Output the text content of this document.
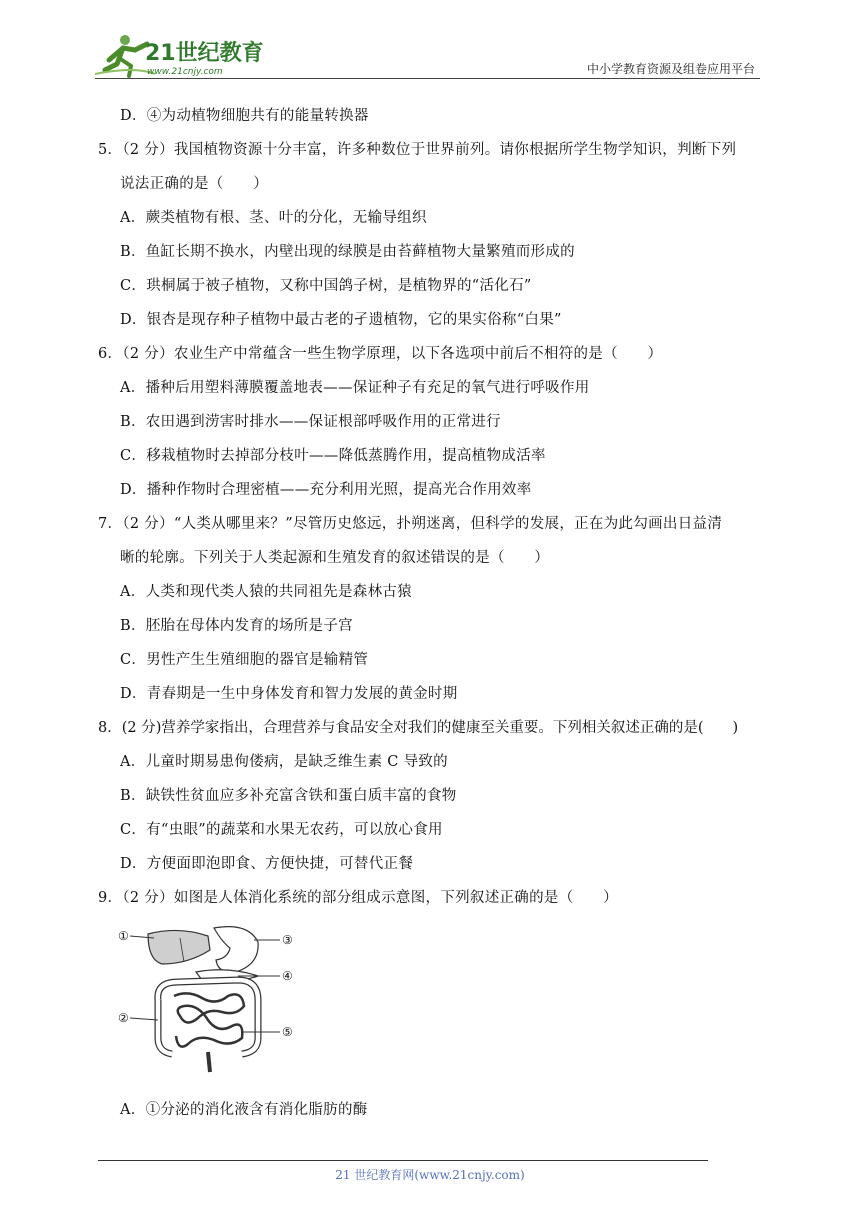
21世纪教育
www.21cnjy.com	中小学教育资源及组卷应用平台
D．④为动植物细胞共有的能量转换器
5．（2 分）我国植物资源十分丰富，许多种数位于世界前列。请你根据所学生物学知识，判断下列
说法正确的是（　　）
A．蕨类植物有根、茎、叶的分化，无输导组织
B．鱼缸长期不换水，内壁出现的绿膜是由苔藓植物大量繁殖而形成的
C．珙桐属于被子植物，又称中国鸽子树，是植物界的“活化石”
D．银杏是现存种子植物中最古老的孑遗植物，它的果实俗称“白果”
6．（2 分）农业生产中常蕴含一些生物学原理，以下各选项中前后不相符的是（　　）
A．播种后用塑料薄膜覆盖地表——保证种子有充足的氧气进行呼吸作用
B．农田遇到涝害时排水——保证根部呼吸作用的正常进行
C．移栽植物时去掉部分枝叶——降低蒸腾作用，提高植物成活率
D．播种作物时合理密植——充分利用光照，提高光合作用效率
7．（2 分）“人类从哪里来？”尽管历史悠远，扑朔迷离，但科学的发展，正在为此勾画出日益清
晰的轮廓。下列关于人类起源和生殖发育的叙述错误的是（　　）
A．人类和现代类人猿的共同祖先是森林古猿
B．胚胎在母体内发育的场所是子宫
C．男性产生生殖细胞的器官是输精管
D．青春期是一生中身体发育和智力发展的黄金时期
8．(2 分)营养学家指出，合理营养与食品安全对我们的健康至关重要。下列相关叙述正确的是(　　)
A．儿童时期易患佝偻病，是缺乏维生素 C 导致的
B．缺铁性贫血应多补充富含铁和蛋白质丰富的食物
C．有“虫眼”的蔬菜和水果无农药，可以放心食用
D．方便面即泡即食、方便快捷，可替代正餐
9．（2 分）如图是人体消化系统的部分组成示意图，下列叙述正确的是（　　）
A．①分泌的消化液含有消化脂肪的酶
①
②
③
④
⑤
21 世纪教育网(www.21cnjy.com)
